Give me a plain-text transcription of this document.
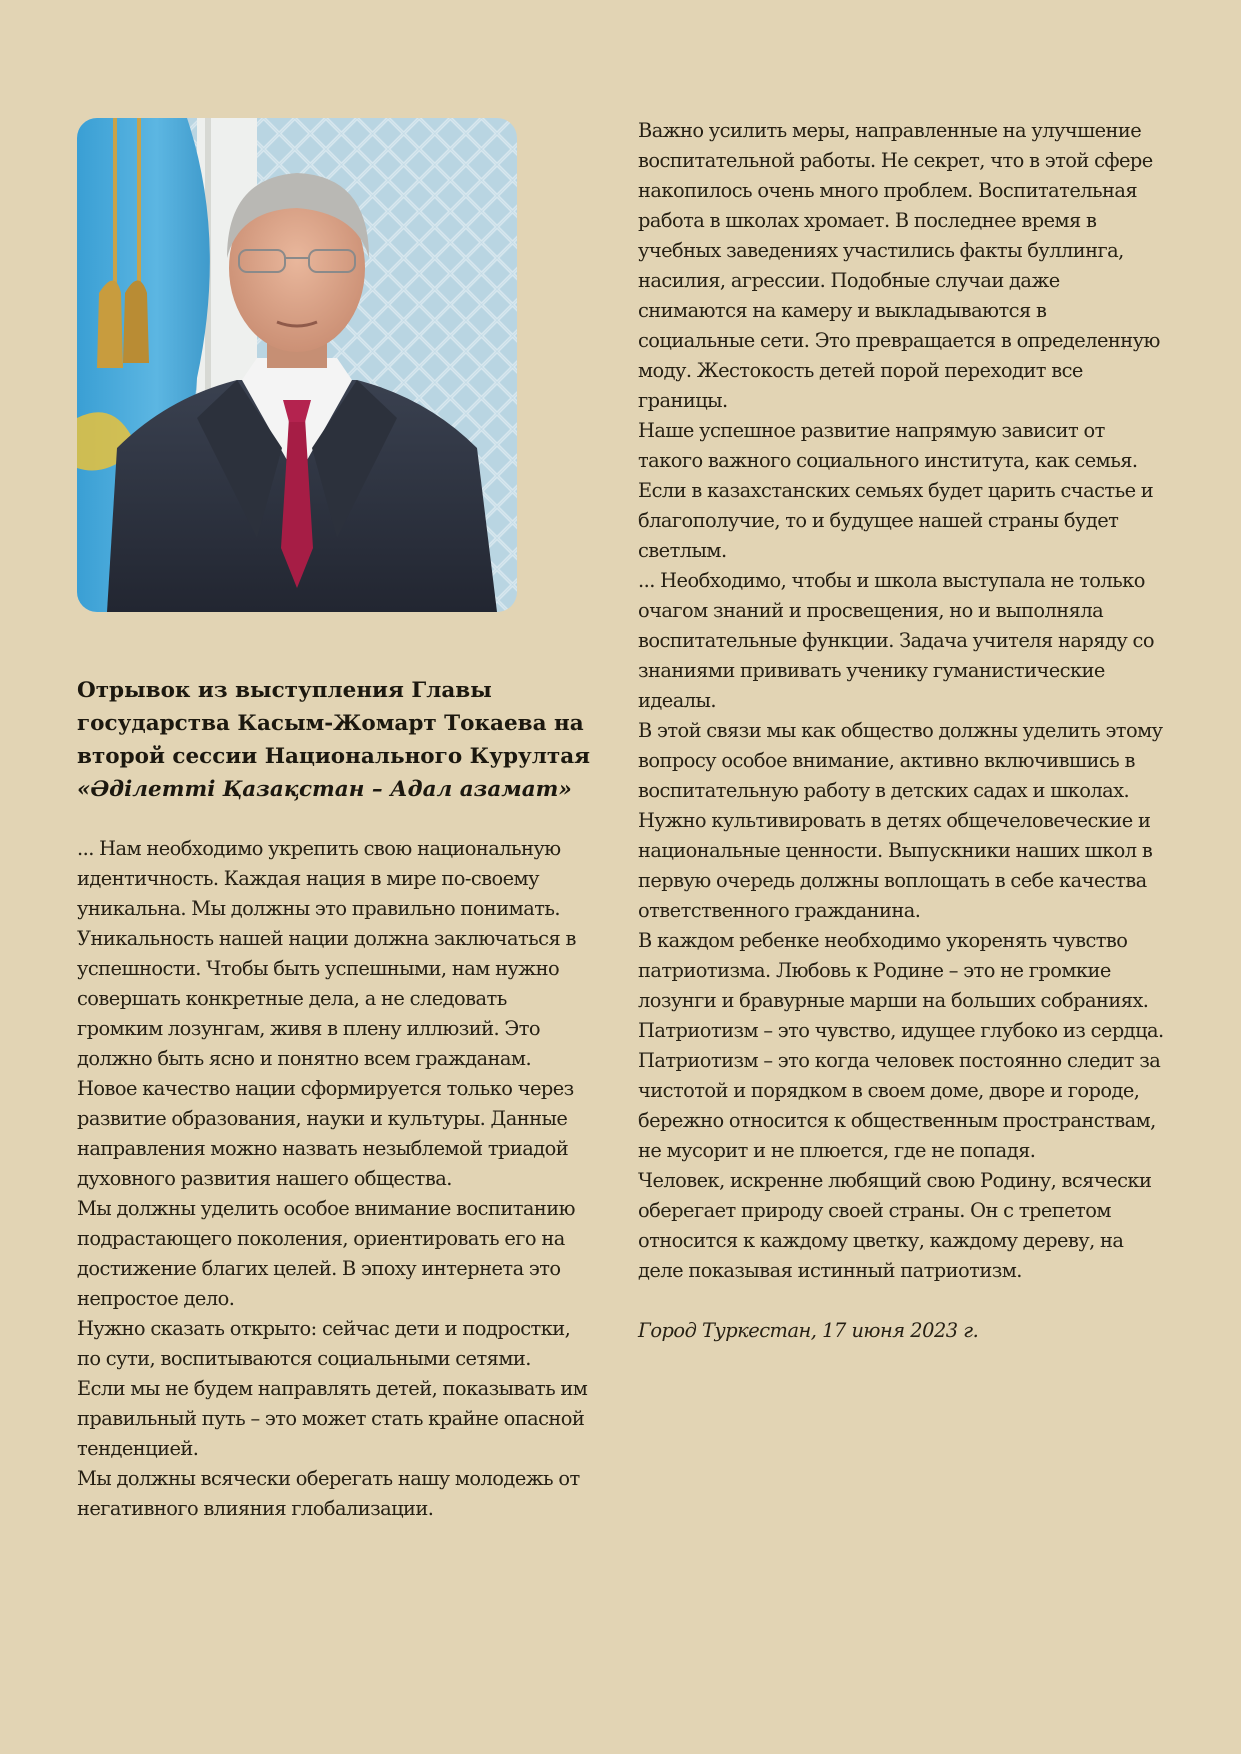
Отрывок из выступления Главы государства Касым-Жомарт Токаева на второй сессии Национального Курултая «Әділетті Қазақстан – Адал азамат»

... Нам необходимо укрепить свою национальную идентичность. Каждая нация в мире по-своему уникальна. Мы должны это правильно понимать. Уникальность нашей нации должна заключаться в успешности. Чтобы быть успешными, нам нужно совершать конкретные дела, а не следовать громким лозунгам, живя в плену иллюзий. Это должно быть ясно и понятно всем гражданам.

Новое качество нации сформируется только через развитие образования, науки и культуры. Данные направления можно назвать незыблемой триадой духовного развития нашего общества.

Мы должны уделить особое внимание воспитанию подрастающего поколения, ориентировать его на достижение благих целей. В эпоху интернета это непростое дело.

Нужно сказать открыто: сейчас дети и подростки, по сути, воспитываются социальными сетями.

Если мы не будем направлять детей, показывать им правильный путь – это может стать крайне опасной тенденцией.

Мы должны всячески оберегать нашу молодежь от негативного влияния глобализации.

Важно усилить меры, направленные на улучшение воспитательной работы. Не секрет, что в этой сфере накопилось очень много проблем. Воспитательная работа в школах хромает. В последнее время в учебных заведениях участились факты буллинга, насилия, агрессии. Подобные случаи даже снимаются на камеру и выкладываются в социальные сети. Это превращается в определенную моду. Жестокость детей порой переходит все границы.

Наше успешное развитие напрямую зависит от такого важного социального института, как семья. Если в казахстанских семьях будет царить счастье и благополучие, то и будущее нашей страны будет светлым.

... Необходимо, чтобы и школа выступала не только очагом знаний и просвещения, но и выполняла воспитательные функции. Задача учителя наряду со знаниями прививать ученику гуманистические идеалы.

В этой связи мы как общество должны уделить этому вопросу особое внимание, активно включившись в воспитательную работу в детских садах и школах. Нужно культивировать в детях общечеловеческие и национальные ценности. Выпускники наших школ в первую очередь должны воплощать в себе качества ответственного гражданина.

В каждом ребенке необходимо укоренять чувство патриотизма. Любовь к Родине – это не громкие лозунги и бравурные марши на больших собраниях. Патриотизм – это чувство, идущее глубоко из сердца. Патриотизм – это когда человек постоянно следит за чистотой и порядком в своем доме, дворе и городе, бережно относится к общественным пространствам, не мусорит и не плюется, где не попадя.

Человек, искренне любящий свою Родину, всячески оберегает природу своей страны. Он с трепетом относится к каждому цветку, каждому дереву, на деле показывая истинный патриотизм.

Город Туркестан, 17 июня 2023 г.
